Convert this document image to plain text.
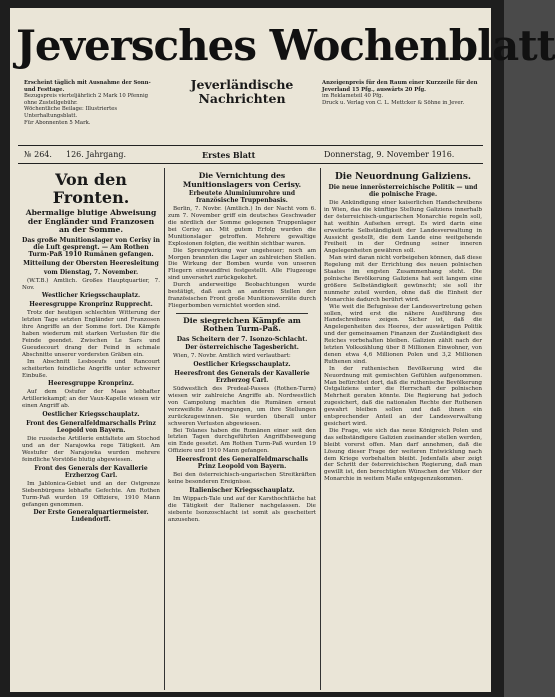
Jeversches Wochenblatt
Erscheint täglich mit Ausnahme der Sonn- und Festtage.
Bezugspreis vierteljährlich 2 Mark 10 Pfennig ohne Zustellgebühr.
Wöchentliche Beilage: Illustriertes Unterhaltungsblatt.
Für Abonnenten 5 Mark.
Jeverländische
Nachrichten
Anzeigenpreis für den Raum einer Kurzzeile für den Jeverland 15 Pfg., auswärts 20 Pfg.
im Reklameteil 40 Pfg.
Druck u. Verlag von C. L. Mettcker & Söhne in Jever.
№ 264. 126. Jahrgang.	Erstes Blatt	Donnerstag, 9. November 1916.
Von den Fronten.
Abermalige blutige Abweisung der Engländer und Franzosen an der Somme.
Das große Munitionslager von Cerisy in die Luft gesprengt. — Am Rothen Turm-Paß 1910 Rumänen gefangen.
Mitteilung der Obersten Heeresleitung
vom Dienstag, 7. November.

(W.T.B.) Amtlich. Großes Hauptquartier, 7. Nov.

Westlicher Kriegsschauplatz.
Heeresgruppe Kronprinz Rupprecht.

Trotz der heutigen schlechten Witterung der letzten Tage setzten Engländer und Franzosen ihre Angriffe an der Somme fort. Die Kämpfe haben wiederum mit starken Verlusten für die Feinde geendet. Zwischen Le Sars und Gueudecourt drang der Feind in schmale Abschnitte unserer vordersten Gräben ein.

Im Abschnitt Lesboeufs und Rancourt scheiterten feindliche Angriffe unter schwerer Einbuße.

Heeresgruppe Kronprinz.

Auf dem Ostufer der Maas lebhafter Artilleriekampf; an der Vaux-Kapelle wiesen wir einen Angriff ab.

Oestlicher Kriegsschauplatz.
Front des Generalfeldmarschalls Prinz Leopold von Bayern.

Die russische Artillerie entfaltete am Stochod und an der Narajowka rege Tätigkeit. Am Westufer der Narajowka wurden mehrere feindliche Vorstöße blutig abgewiesen.

Front des Generals der Kavallerie Erzherzog Carl.

Im Jablonica-Gebiet und an der Ostgrenze Siebenbürgens lebhafte Gefechte. Am Rothen Turm-Paß wurden 19 Offiziere, 1910 Mann gefangen genommen.

Der Erste Generalquartiermeister. Ludendorff.
Die Vernichtung des Munitionslagers von Cerisy.
Erbeutete Aluminiumrohre und französische Truppenbasis.

Berlin, 7. Novbr. (Amtlich.) In der Nacht vom 6. zum 7. November griff ein deutsches Geschwader die nördlich der Somme gelegenen Truppenlager bei Cerisy an. Mit gutem Erfolg wurden die Munitionslager getroffen. Mehrere gewaltige Explosionen folgten, die weithin sichtbar waren.

Die Sprengwirkung war ungeheuer; noch am Morgen brannten die Lager an zahlreichen Stellen. Die Wirkung der Bomben wurde von unseren Fliegern einwandfrei festgestellt. Alle Flugzeuge sind unversehrt zurückgekehrt.

Durch anderweitige Beobachtungen wurde bestätigt, daß auch an anderen Stellen der französischen Front große Munitionsvorräte durch Fliegerbomben vernichtet worden sind.

Die siegreichen Kämpfe am Rothen Turm-Paß.
Das Scheitern der 7. Isonzo-Schlacht.
Der österreichische Tagesbericht.

Wien, 7. Novbr. Amtlich wird verlautbart:

Oestlicher Kriegsschauplatz.
Heeresfront des Generals der Kavallerie Erzherzog Carl.

Südwestlich des Predeal-Passes (Rothen-Turm) wiesen wir zahlreiche Angriffe ab. Nordwestlich von Campolung machten die Rumänen erneut verzweifelte Anstrengungen, um ihre Stellungen zurückzugewinnen. Sie wurden überall unter schweren Verlusten abgewiesen.

Bei Tolanes haben die Rumänen einer seit den letzten Tagen durchgeführten Angriffsbewegung ein Ende gesetzt. Am Rothen Turm-Paß wurden 19 Offiziere und 1910 Mann gefangen.

Heeresfront des Generalfeldmarschalls Prinz Leopold von Bayern.

Bei den österreichisch-ungarischen Streitkräften keine besonderen Ereignisse.

Italienischer Kriegsschauplatz.

Im Wippach-Tale und auf der Karsthochfläche hat die Tätigkeit der Italiener nachgelassen. Die siebente Isonzoschlacht ist somit als gescheitert anzusehen.

Die Neuordnung Galiziens.
Die neue innerösterreichische Politik — und die polnische Frage.

Die Ankündigung einer kaiserlichen Handschreibens in Wien, das die künftige Stellung Galiziens innerhalb der österreichisch-ungarischen Monarchie regeln soll, hat weithin Aufsehen erregt. Es wird darin eine erweiterte Selbständigkeit der Landesverwaltung in Aussicht gestellt, die dem Lande eine weitgehende Freiheit in der Ordnung seiner inneren Angelegenheiten gewähren soll.

Man wird daran nicht vorbeigehen können, daß diese Regelung mit der Errichtung des neuen polnischen Staates im engsten Zusammenhang steht. Die polnische Bevölkerung Galiziens hat seit langem eine größere Selbständigkeit gewünscht; sie soll ihr nunmehr zuteil werden, ohne daß die Einheit der Monarchie dadurch berührt wird.

Wie weit die Befugnisse der Landesvertretung gehen sollen, wird erst die nähere Ausführung des Handschreibens zeigen. Sicher ist, daß die Angelegenheiten des Heeres, der auswärtigen Politik und der gemeinsamen Finanzen der Zuständigkeit des Reiches vorbehalten bleiben. Galizien zählt nach der letzten Volkszählung über 8 Millionen Einwohner, von denen etwa 4,6 Millionen Polen und 3,2 Millionen Ruthenen sind.

In der ruthenischen Bevölkerung wird die Neuordnung mit gemischten Gefühlen aufgenommen. Man befürchtet dort, daß die ruthenische Bevölkerung Ostgaliziens unter die Herrschaft der polnischen Mehrheit geraten könnte. Die Regierung hat jedoch zugesichert, daß die nationalen Rechte der Ruthenen gewahrt bleiben sollen und daß ihnen ein entsprechender Anteil an der Landesverwaltung gesichert wird.

Die Frage, wie sich das neue Königreich Polen und das selbständigere Galizien zueinander stellen werden, bleibt vorerst offen. Man darf annehmen, daß die Lösung dieser Frage der weiteren Entwicklung nach dem Kriege vorbehalten bleibt. Jedenfalls aber zeigt der Schritt der österreichischen Regierung, daß man gewillt ist, den berechtigten Wünschen der Völker der Monarchie in weitem Maße entgegenzukommen.
